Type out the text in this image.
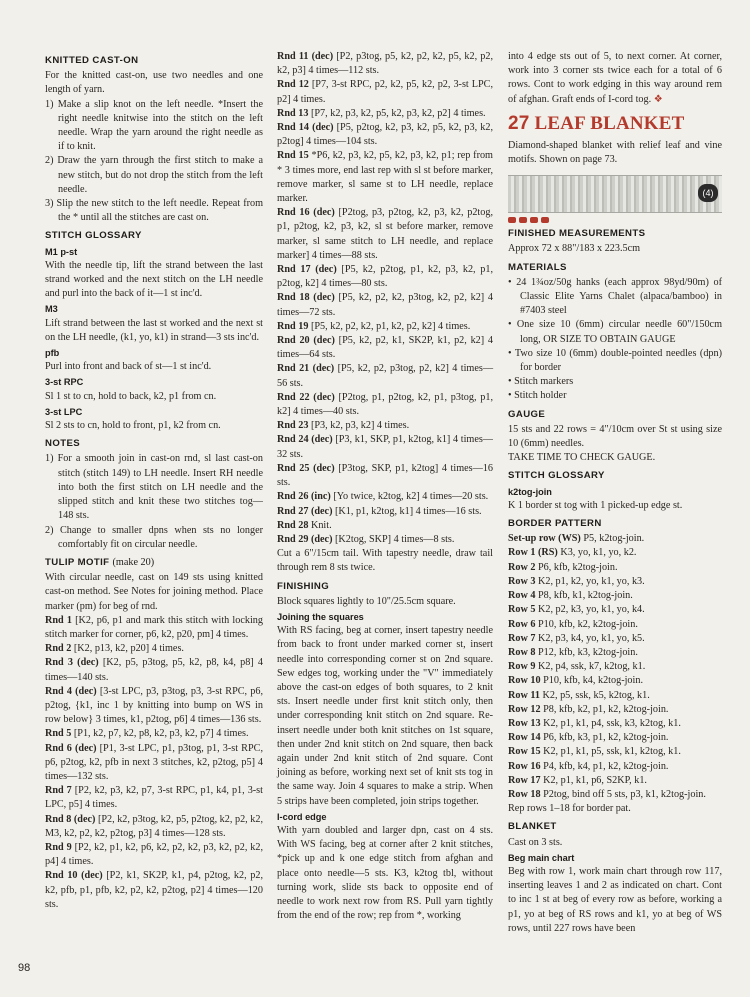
KNITTED CAST-ON

For the knitted cast-on, use two needles and one length of yarn.

1) Make a slip knot on the left needle. *Insert the right needle knitwise into the stitch on the left needle. Wrap the yarn around the right needle as if to knit.

2) Draw the yarn through the first stitch to make a new stitch, but do not drop the stitch from the left needle.

3) Slip the new stitch to the left needle. Repeat from the * until all the stitches are cast on.

STITCH GLOSSARY
M1 p-st

With the needle tip, lift the strand between the last strand worked and the next stitch on the LH needle and purl into the back of it—1 st inc'd.

M3

Lift strand between the last st worked and the next st on the LH needle, (k1, yo, k1) in strand—3 sts inc'd.

pfb

Purl into front and back of st—1 st inc'd.

3-st RPC

Sl 1 st to cn, hold to back, k2, p1 from cn.

3-st LPC

Sl 2 sts to cn, hold to front, p1, k2 from cn.

NOTES

1) For a smooth join in cast-on rnd, sl last cast-on stitch (stitch 149) to LH needle. Insert RH needle into both the first stitch on LH needle and the slipped stitch and knit these two stitches tog—148 sts.

2) Change to smaller dpns when sts no longer comfortably fit on circular needle.

TULIP MOTIF (make 20)

With circular needle, cast on 149 sts using knitted cast-on method. See Notes for joining method. Place marker (pm) for beg of rnd.

Rnd 1 [K2, p6, p1 and mark this stitch with locking stitch marker for corner, p6, k2, p20, pm] 4 times.

Rnd 2 [K2, p13, k2, p20] 4 times.

Rnd 3 (dec) [K2, p5, p3tog, p5, k2, p8, k4, p8] 4 times—140 sts.

Rnd 4 (dec) [3-st LPC, p3, p3tog, p3, 3-st RPC, p6, p2tog, {k1, inc 1 by knitting into bump on WS in row below} 3 times, k1, p2tog, p6] 4 times—136 sts.

Rnd 5 [P1, k2, p7, k2, p8, k2, p3, k2, p7] 4 times.

Rnd 6 (dec) [P1, 3-st LPC, p1, p3tog, p1, 3-st RPC, p6, p2tog, k2, pfb in next 3 stitches, k2, p2tog, p5] 4 times—132 sts.

Rnd 7 [P2, k2, p3, k2, p7, 3-st RPC, p1, k4, p1, 3-st LPC, p5] 4 times.

Rnd 8 (dec) [P2, k2, p3tog, k2, p5, p2tog, k2, p2, k2, M3, k2, p2, k2, p2tog, p3] 4 times—128 sts.

Rnd 9 [P2, k2, p1, k2, p6, k2, p2, k2, p3, k2, p2, k2, p4] 4 times.

Rnd 10 (dec) [P2, k1, SK2P, k1, p4, p2tog, k2, p2, k2, pfb, p1, pfb, k2, p2, k2, p2tog, p2] 4 times—120 sts.

Rnd 11 (dec) [P2, p3tog, p5, k2, p2, k2, p5, k2, p2, k2, p3] 4 times—112 sts.

Rnd 12 [P7, 3-st RPC, p2, k2, p5, k2, p2, 3-st LPC, p2] 4 times.

Rnd 13 [P7, k2, p3, k2, p5, k2, p3, k2, p2] 4 times.

Rnd 14 (dec) [P5, p2tog, k2, p3, k2, p5, k2, p3, k2, p2tog] 4 times—104 sts.

Rnd 15 *P6, k2, p3, k2, p5, k2, p3, k2, p1; rep from * 3 times more, end last rep with sl st before marker, remove marker, sl same st to LH needle, replace marker.

Rnd 16 (dec) [P2tog, p3, p2tog, k2, p3, k2, p2tog, p1, p2tog, k2, p3, k2, sl st before marker, remove marker, sl same stitch to LH needle, and replace marker] 4 times—88 sts.

Rnd 17 (dec) [P5, k2, p2tog, p1, k2, p3, k2, p1, p2tog, k2] 4 times—80 sts.

Rnd 18 (dec) [P5, k2, p2, k2, p3tog, k2, p2, k2] 4 times—72 sts.

Rnd 19 [P5, k2, p2, k2, p1, k2, p2, k2] 4 times.

Rnd 20 (dec) [P5, k2, p2, k1, SK2P, k1, p2, k2] 4 times—64 sts.

Rnd 21 (dec) [P5, k2, p2, p3tog, p2, k2] 4 times—56 sts.

Rnd 22 (dec) [P2tog, p1, p2tog, k2, p1, p3tog, p1, k2] 4 times—40 sts.

Rnd 23 [P3, k2, p3, k2] 4 times.

Rnd 24 (dec) [P3, k1, SKP, p1, k2tog, k1] 4 times—32 sts.

Rnd 25 (dec) [P3tog, SKP, p1, k2tog] 4 times—16 sts.

Rnd 26 (inc) [Yo twice, k2tog, k2] 4 times—20 sts.

Rnd 27 (dec) [K1, p1, k2tog, k1] 4 times—16 sts.

Rnd 28 Knit.

Rnd 29 (dec) [K2tog, SKP] 4 times—8 sts.

Cut a 6"/15cm tail. With tapestry needle, draw tail through rem 8 sts twice.

FINISHING

Block squares lightly to 10"/25.5cm square.

Joining the squares

With RS facing, beg at corner, insert tapestry needle from back to front under marked corner st, insert needle into corresponding corner st on 2nd square. Sew edges tog, working under the "V" immediately above the cast-on edges of both squares, to 2 knit sts. Insert needle under first knit stitch only, then under corresponding knit stitch on 2nd square. Re-insert needle under both knit stitches on 1st square, then under 2nd knit stitch on 2nd square, then back again under 2nd knit stitch of 2nd square. Cont joining as before, working next set of knit sts tog in the same way. Join 4 squares to make a strip. When 5 strips have been completed, join strips together.

I-cord edge

With yarn doubled and larger dpn, cast on 4 sts. With WS facing, beg at corner after 2 knit stitches, *pick up and k one edge stitch from afghan and place onto needle—5 sts. K3, k2tog tbl, without turning work, slide sts back to opposite end of needle to work next row from RS. Pull yarn tightly from the end of the row; rep from *, working

into 4 edge sts out of 5, to next corner. At corner, work into 3 corner sts twice each for a total of 6 rows. Cont to work edging in this way around rem of afghan. Graft ends of I-cord tog. ❖

27 LEAF BLANKET

Diamond-shaped blanket with relief leaf and vine motifs. Shown on page 73.

(4)
FINISHED MEASUREMENTS

Approx 72 x 88"/183 x 223.5cm

MATERIALS

• 24 1¾oz/50g hanks (each approx 98yd/90m) of Classic Elite Yarns Chalet (alpaca/bamboo) in #7403 steel

• One size 10 (6mm) circular needle 60"/150cm long, OR SIZE TO OBTAIN GAUGE

• Two size 10 (6mm) double-pointed needles (dpn) for border

• Stitch markers

• Stitch holder

GAUGE

15 sts and 22 rows = 4"/10cm over St st using size 10 (6mm) needles.

TAKE TIME TO CHECK GAUGE.

STITCH GLOSSARY
k2tog-join

K 1 border st tog with 1 picked-up edge st.

BORDER PATTERN

Set-up row (WS) P5, k2tog-join.

Row 1 (RS) K3, yo, k1, yo, k2.

Row 2 P6, kfb, k2tog-join.

Row 3 K2, p1, k2, yo, k1, yo, k3.

Row 4 P8, kfb, k1, k2tog-join.

Row 5 K2, p2, k3, yo, k1, yo, k4.

Row 6 P10, kfb, k2, k2tog-join.

Row 7 K2, p3, k4, yo, k1, yo, k5.

Row 8 P12, kfb, k3, k2tog-join.

Row 9 K2, p4, ssk, k7, k2tog, k1.

Row 10 P10, kfb, k4, k2tog-join.

Row 11 K2, p5, ssk, k5, k2tog, k1.

Row 12 P8, kfb, k2, p1, k2, k2tog-join.

Row 13 K2, p1, k1, p4, ssk, k3, k2tog, k1.

Row 14 P6, kfb, k3, p1, k2, k2tog-join.

Row 15 K2, p1, k1, p5, ssk, k1, k2tog, k1.

Row 16 P4, kfb, k4, p1, k2, k2tog-join.

Row 17 K2, p1, k1, p6, S2KP, k1.

Row 18 P2tog, bind off 5 sts, p3, k1, k2tog-join.

Rep rows 1–18 for border pat.

BLANKET

Cast on 3 sts.

Beg main chart

Beg with row 1, work main chart through row 117, inserting leaves 1 and 2 as indicated on chart. Cont to inc 1 st at beg of every row as before, working a p1, yo at beg of RS rows and k1, yo at beg of WS rows, until 227 rows have been

98
